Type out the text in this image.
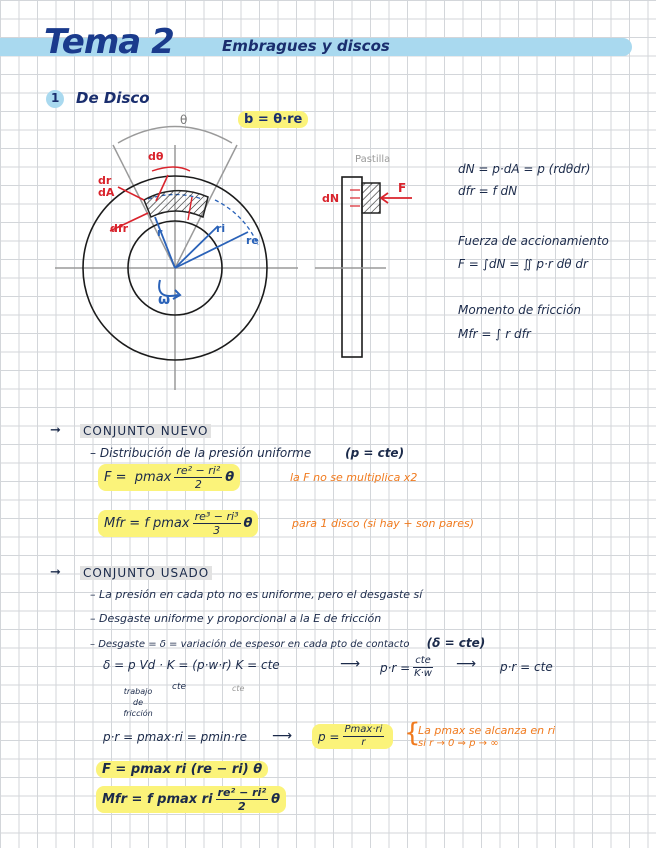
Tema 2	Embragues y discos
1 De Disco
b = θ·re
θ
dθ
dr
dA
dfr	r	ri
re
ω
Pastilla
dN
F
dN = p·dA = p (rdθdr)
dfr = f dN
Fuerza de accionamiento
F = ∫dN = ∬ p·r dθ dr
Momento de fricción
Mfr = ∫ r dfr
➞ CONJUNTO NUEVO
– Distribución de la presión uniforme	(p = cte)
F =
pmax $\frac{\text{re² − ri²}}{2}$ θ	la F no se multiplica x2
Mfr =
f pmax $\frac{\text{re³ − ri³}}{3}$ θ	para 1 disco (si hay + son pares)
➞ CONJUNTO USADO
– La presión en cada pto no es uniforme, pero el desgaste sí
– Desgaste uniforme y proporcional a la E de fricción
– Desgaste = δ = variación de espesor en cada pto de contacto (δ = cte)
δ = p Vd · K = (p·w·r) K = cte	⟶ $p\cdot r = \frac{\text{cte}}{K\cdot w}$ ⟶ p·r = cte
trabajo de fricción
cte	cte
p·r = pmax·ri = pmin·re ⟶ $p = \frac{Pmax\cdot ri}{r}$ {
La pmax se alcanza en ri
si r → 0 ⇒ p → ∞
F = pmax ri (re − ri) θ
Mfr =
f pmax ri $\frac{\text{re² − ri²}}{2}$ θ
